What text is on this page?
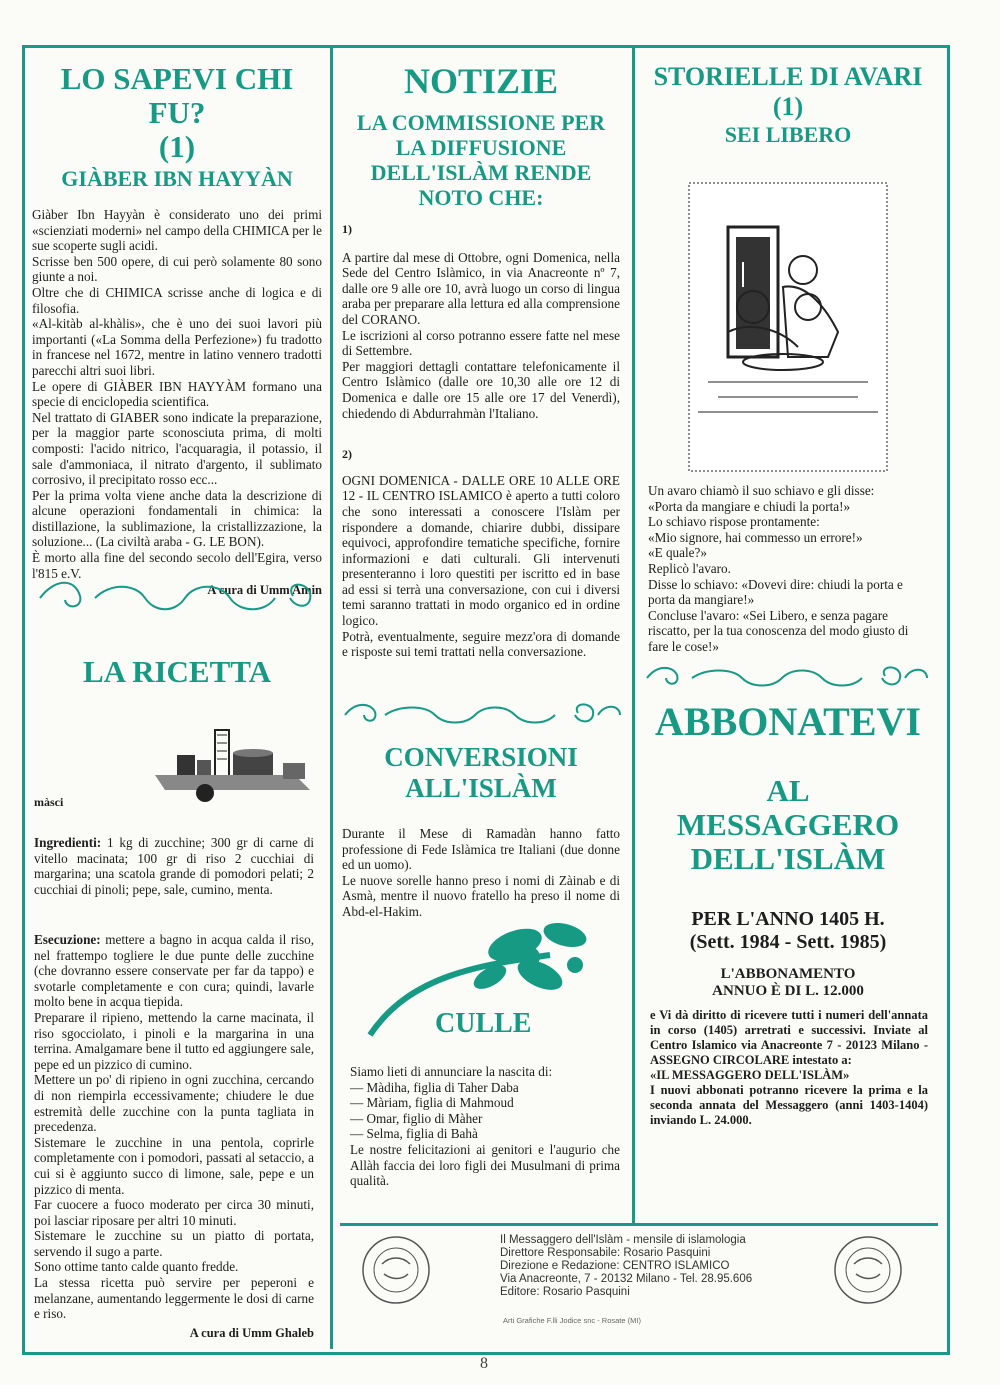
LO SAPEVI CHI FU?
(1)
GIÀBER IBN HAYYÀN

Giàber Ibn Hayyàn è considerato uno dei primi «scienziati moderni» nel campo della CHIMICA per le sue scoperte sugli acidi.

Scrisse ben 500 opere, di cui però solamente 80 sono giunte a noi.

Oltre che di CHIMICA scrisse anche di logica e di filosofia.

«Al-kitàb al-khàlis», che è uno dei suoi lavori più importanti («La Somma della Perfezione») fu tradotto in francese nel 1672, mentre in latino vennero tradotti parecchi altri suoi libri.

Le opere di GIÀBER IBN HAYYÀM formano una specie di enciclopedia scientifica.

Nel trattato di GIABER sono indicate la preparazione, per la maggior parte sconosciuta prima, di molti composti: l'acido nitrico, l'acquaragia, il potassio, il sale d'ammoniaca, il nitrato d'argento, il sublimato corrosivo, il precipitato rosso ecc...

Per la prima volta viene anche data la descrizione di alcune operazioni fondamentali in chimica: la distillazione, la sublimazione, la cristallizzazione, la soluzione... (La civiltà araba - G. LE BON).

È morto alla fine del secondo secolo dell'Egira, verso l'815 e.V.

A cura di Umm Amin
LA RICETTA
màsci

Ingredienti: 1 kg di zucchine; 300 gr di carne di vitello macinata; 100 gr di riso 2 cucchiai di margarina; una scatola grande di pomodori pelati; 2 cucchiai di pinoli; pepe, sale, cumino, menta.

Esecuzione: mettere a bagno in acqua calda il riso, nel frattempo togliere le due punte delle zucchine (che dovranno essere conservate per far da tappo) e svotarle completamente e con cura; quindi, lavarle molto bene in acqua tiepida.

Preparare il ripieno, mettendo la carne macinata, il riso sgocciolato, i pinoli e la margarina in una terrina. Amalgamare bene il tutto ed aggiungere sale, pepe ed un pizzico di cumino.

Mettere un po' di ripieno in ogni zucchina, cercando di non riempirla eccessivamente; chiudere le due estremità delle zucchine con la punta tagliata in precedenza.

Sistemare le zucchine in una pentola, coprirle completamente con i pomodori, passati al setaccio, a cui si è aggiunto succo di limone, sale, pepe e un pizzico di menta.

Far cuocere a fuoco moderato per circa 30 minuti, poi lasciar riposare per altri 10 minuti.

Sistemare le zucchine su un piatto di portata, servendo il sugo a parte.

Sono ottime tanto calde quanto fredde.

La stessa ricetta può servire per peperoni e melanzane, aumentando leggermente le dosi di carne e riso.

A cura di Umm Ghaleb
NOTIZIE
LA COMMISSIONE PER LA DIFFUSIONE DELL'ISLÀM RENDE NOTO CHE:
1)

A partire dal mese di Ottobre, ogni Domenica, nella Sede del Centro Islàmico, in via Anacreonte nº 7, dalle ore 9 alle ore 10, avrà luogo un corso di lingua araba per preparare alla lettura ed alla comprensione del CORANO.

Le iscrizioni al corso potranno essere fatte nel mese di Settembre.

Per maggiori dettagli contattare telefonicamente il Centro Islàmico (dalle ore 10,30 alle ore 12 di Domenica e dalle ore 15 alle ore 17 del Venerdì), chiedendo di Abdurrahmàn l'Italiano.

2)

OGNI DOMENICA - DALLE ORE 10 ALLE ORE 12 - IL CENTRO ISLAMICO è aperto a tutti coloro che sono interessati a conoscere l'Islàm per rispondere a domande, chiarire dubbi, dissipare equivoci, approfondire tematiche specifiche, fornire informazioni e dati culturali. Gli intervenuti presenteranno i loro questiti per iscritto ed in base ad essi si terrà una conversazione, con cui i diversi temi saranno trattati in modo organico ed in ordine logico.

Potrà, eventualmente, seguire mezz'ora di domande e risposte sui temi trattati nella conversazione.

CONVERSIONI ALL'ISLÀM

Durante il Mese di Ramadàn hanno fatto professione di Fede Islàmica tre Italiani (due donne ed un uomo).

Le nuove sorelle hanno preso i nomi di Zàinab e di Asmà, mentre il nuovo fratello ha preso il nome di Abd-el-Hakim.

CULLE

Siamo lieti di annunciare la nascita di:

— Màdiha, figlia di Taher Daba

— Màriam, figlia di Mahmoud

— Omar, figlio di Màher

— Selma, figlia di Bahà

Le nostre felicitazioni ai genitori e l'augurio che Allàh faccia dei loro figli dei Musulmani di prima qualità.

STORIELLE DI AVARI
(1)
SEI LIBERO

Un avaro chiamò il suo schiavo e gli disse:

«Porta da mangiare e chiudi la porta!»

Lo schiavo rispose prontamente:

«Mio signore, hai commesso un errore!»

«E quale?»

Replicò l'avaro.

Disse lo schiavo: «Dovevi dire: chiudi la porta e porta da mangiare!»

Concluse l'avaro: «Sei Libero, e senza pagare riscatto, per la tua conoscenza del modo giusto di fare le cose!»

ABBONATEVI
AL MESSAGGERO DELL'ISLÀM
PER L'ANNO 1405 H.
(Sett. 1984 - Sett. 1985)
L'ABBONAMENTO ANNUO È DI L. 12.000

e Vi dà diritto di ricevere tutti i numeri dell'annata in corso (1405) arretrati e successivi. Inviate al Centro Islamico via Anacreonte 7 - 20123 Milano - ASSEGNO CIRCOLARE intestato a:

«IL MESSAGGERO DELL'ISLÀM»

I nuovi abbonati potranno ricevere la prima e la seconda annata del Messaggero (anni 1403-1404) inviando L. 24.000.

Il Messaggero dell'Islàm - mensile di islamologia
Direttore Responsabile: Rosario Pasquini
Direzione e Redazione: CENTRO ISLAMICO
Via Anacreonte, 7 - 20132 Milano - Tel. 28.95.606
Editore: Rosario Pasquini
Arti Grafiche F.lli Jodice snc - Rosate (MI)
8
